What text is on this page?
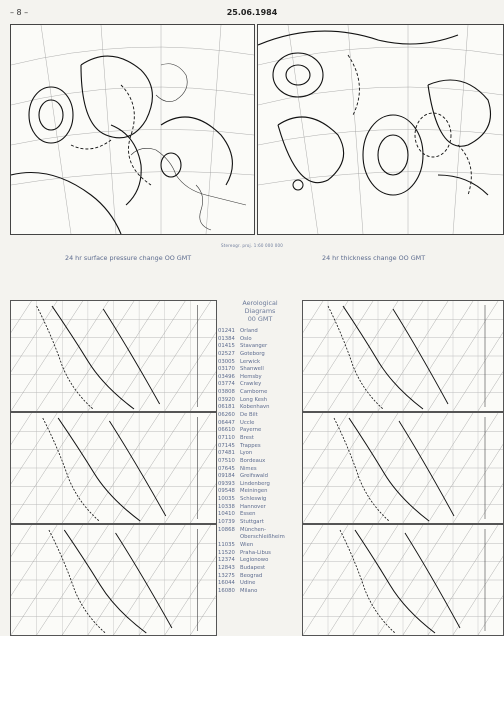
– 8 –	25.06.1984
Stereogr. proj. 1:60 000 000
24 hr surface pressure change OO GMT	24 hr thickness change OO GMT
Aerological
Diagrams
00 GMT
01241 Orland
01384 Oslo
01415 Stavanger
02527 Goteborg
03005 Lerwick
03170 Shanwell
03496 Hemsby
03774 Crawley
03808 Camborne
03920 Long Kesh
06181 Kobenhavn
06260 De Bilt
06447 Uccle
06610 Payerne
07110 Brest
07145 Trappes
07481 Lyon
07510 Bordeaux
07645 Nimes
09184 Greifswald
09393 Lindenberg
09548 Meiningen
10035 Schleswig
10338 Hannover
10410 Essen
10739 Stuttgart
10868 München-
Oberschleißheim
11035 Wien
11520 Praha-Libus
12374 Legionowo
12843 Budapest
13275 Beograd
16044 Udine
16080 Milano
